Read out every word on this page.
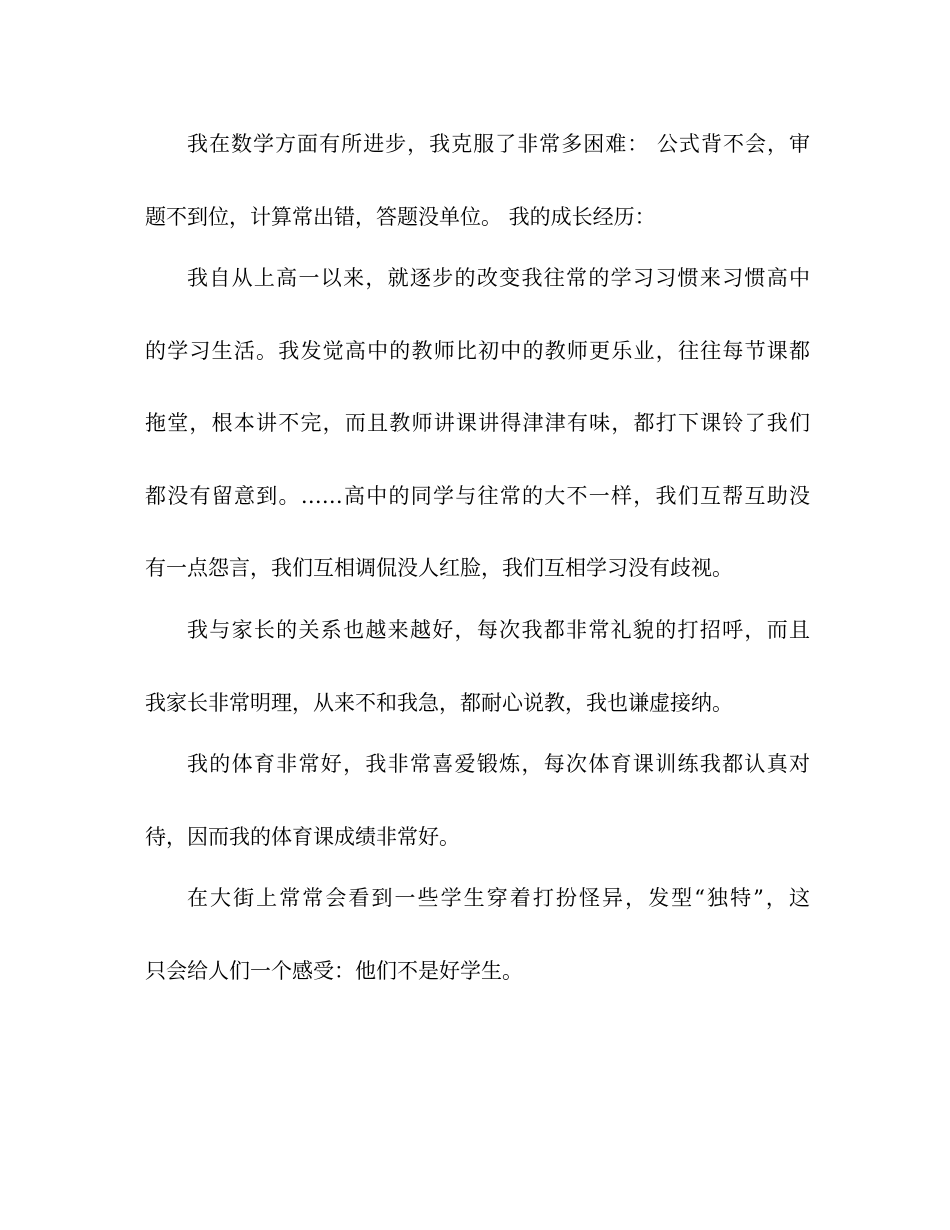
我在数学方面有所进步，我克服了非常多困难： 公式背不会，审
题不到位，计算常出错，答题没单位。 我的成长经历：
我自从上高一以来，就逐步的改变我往常的学习习惯来习惯高中
的学习生活。我发觉高中的教师比初中的教师更乐业，往往每节课都
拖堂，根本讲不完，而且教师讲课讲得津津有味，都打下课铃了我们
都没有留意到。……高中的同学与往常的大不一样，我们互帮互助没
有一点怨言，我们互相调侃没人红脸，我们互相学习没有歧视。
我与家长的关系也越来越好，每次我都非常礼貌的打招呼，而且
我家长非常明理，从来不和我急，都耐心说教，我也谦虚接纳。
我的体育非常好，我非常喜爱锻炼，每次体育课训练我都认真对
待，因而我的体育课成绩非常好。
在大街上常常会看到一些学生穿着打扮怪异，发型“独特”，这
只会给人们一个感受：他们不是好学生。
